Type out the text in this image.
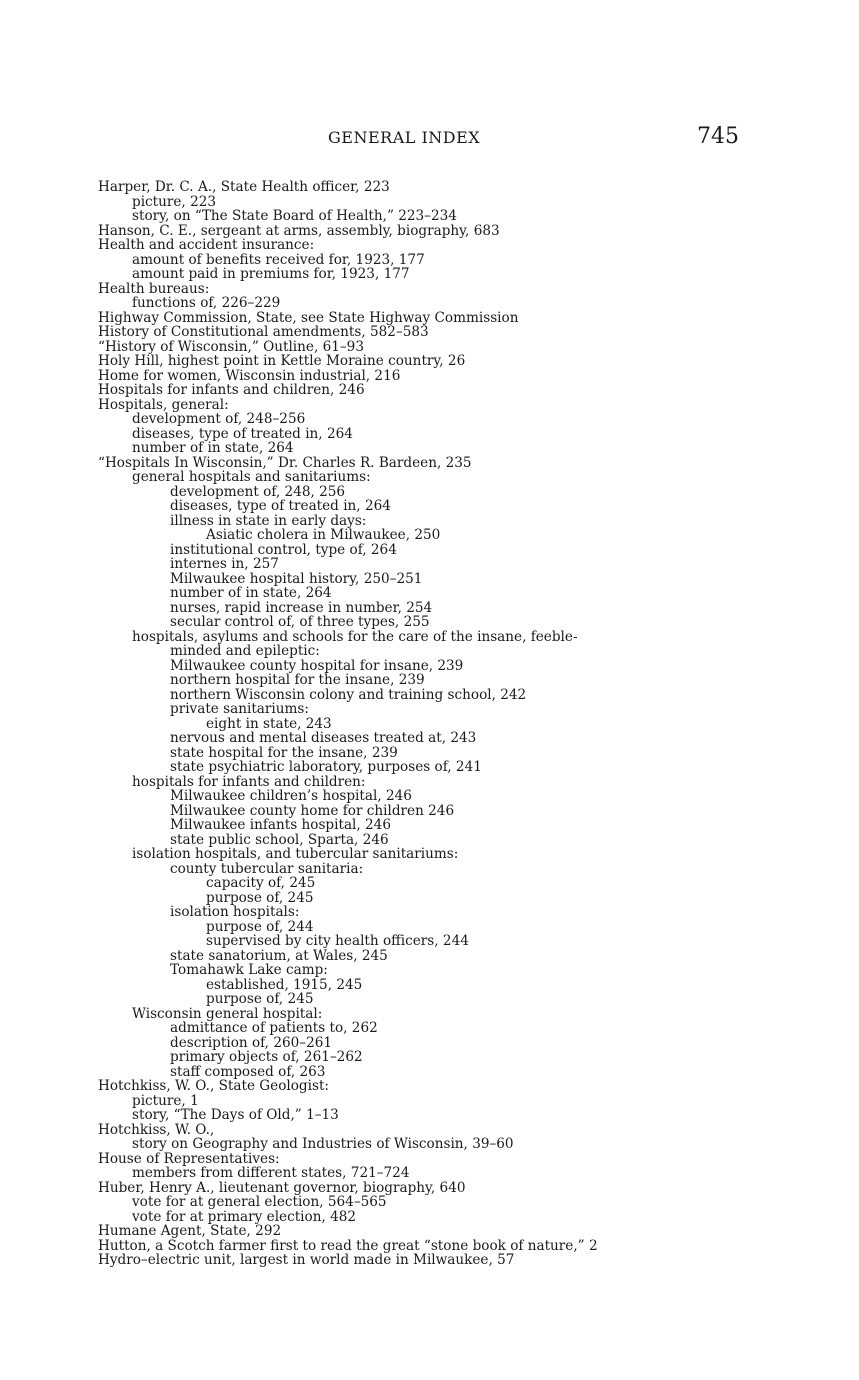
GENERAL INDEX	745
Harper, Dr. C. A., State Health officer, 223
picture, 223
story, on “The State Board of Health,” 223–234
Hanson, C. E., sergeant at arms, assembly, biography, 683
Health and accident insurance:
amount of benefits received for, 1923, 177
amount paid in premiums for, 1923, 177
Health bureaus:
functions of, 226–229
Highway Commission, State, see State Highway Commission
History of Constitutional amendments, 582–583
“History of Wisconsin,” Outline, 61–93
Holy Hill, highest point in Kettle Moraine country, 26
Home for women, Wisconsin industrial, 216
Hospitals for infants and children, 246
Hospitals, general:
development of, 248–256
diseases, type of treated in, 264
number of in state, 264
“Hospitals In Wisconsin,” Dr. Charles R. Bardeen, 235
general hospitals and sanitariums:
development of, 248, 256
diseases, type of treated in, 264
illness in state in early days:
Asiatic cholera in Milwaukee, 250
institutional control, type of, 264
internes in, 257
Milwaukee hospital history, 250–251
number of in state, 264
nurses, rapid increase in number, 254
secular control of, of three types, 255
hospitals, asylums and schools for the care of the insane, feeble-
minded and epileptic:
Milwaukee county hospital for insane, 239
northern hospital for the insane, 239
northern Wisconsin colony and training school, 242
private sanitariums:
eight in state, 243
nervous and mental diseases treated at, 243
state hospital for the insane, 239
state psychiatric laboratory, purposes of, 241
hospitals for infants and children:
Milwaukee children’s hospital, 246
Milwaukee county home for children 246
Milwaukee infants hospital, 246
state public school, Sparta, 246
isolation hospitals, and tubercular sanitariums:
county tubercular sanitaria:
capacity of, 245
purpose of, 245
isolation hospitals:
purpose of, 244
supervised by city health officers, 244
state sanatorium, at Wales, 245
Tomahawk Lake camp:
established, 1915, 245
purpose of, 245
Wisconsin general hospital:
admittance of patients to, 262
description of, 260–261
primary objects of, 261–262
staff composed of, 263
Hotchkiss, W. O., State Geologist:
picture, 1
story, “The Days of Old,” 1–13
Hotchkiss, W. O.,
story on Geography and Industries of Wisconsin, 39–60
House of Representatives:
members from different states, 721–724
Huber, Henry A., lieutenant governor, biography, 640
vote for at general election, 564–565
vote for at primary election, 482
Humane Agent, State, 292
Hutton, a Scotch farmer first to read the great “stone book of nature,” 2
Hydro–electric unit, largest in world made in Milwaukee, 57
